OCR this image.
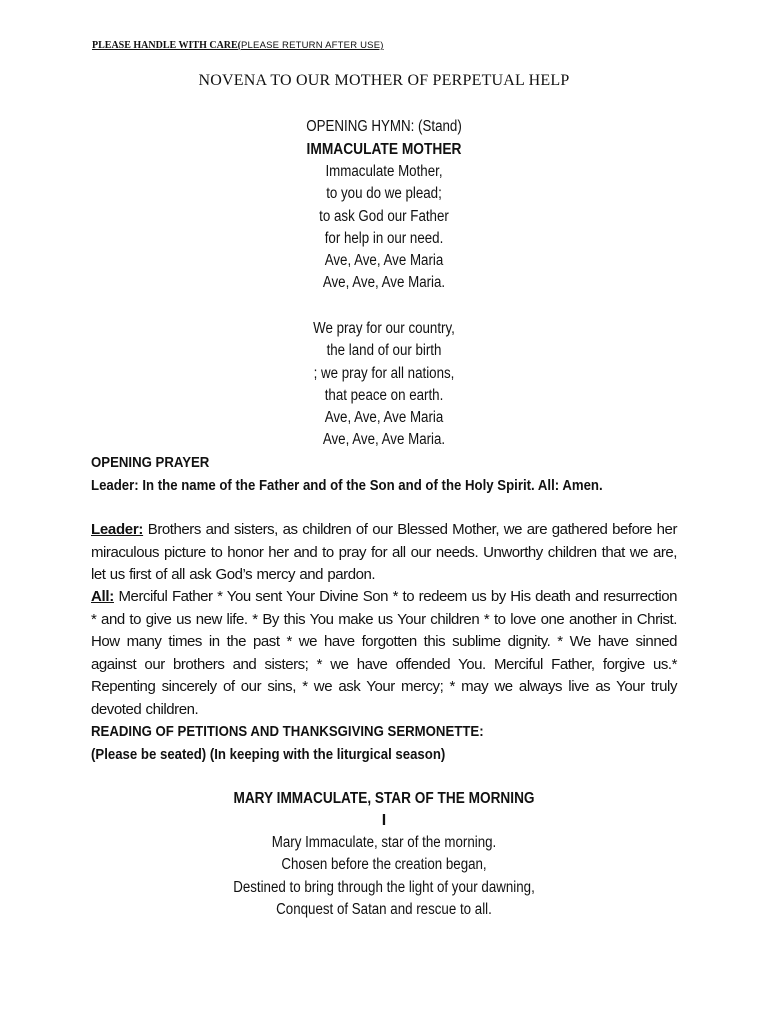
PLEASE HANDLE WITH CARE(PLEASE RETURN AFTER USE)
NOVENA TO OUR MOTHER OF PERPETUAL HELP
OPENING HYMN: (Stand)
IMMACULATE MOTHER
Immaculate Mother,
to you do we plead;
to ask God our Father
for help in our need.
Ave, Ave, Ave Maria
Ave, Ave, Ave Maria.
We pray for our country,
the land of our birth
; we pray for all nations,
that peace on earth.
Ave, Ave, Ave Maria
Ave, Ave, Ave Maria.
OPENING PRAYER
Leader: In the name of the Father and of the Son and of the Holy Spirit. All: Amen.
Leader: Brothers and sisters, as children of our Blessed Mother, we are gathered before her miraculous picture to honor her and to pray for all our needs. Unworthy children that we are, let us first of all ask God’s mercy and pardon.
All: Merciful Father * You sent Your Divine Son * to redeem us by His death and resurrection * and to give us new life. * By this You make us Your children * to love one another in Christ. How many times in the past * we have forgotten this sublime dignity. * We have sinned against our brothers and sisters; * we have offended You. Merciful Father, forgive us.* Repenting sincerely of our sins, * we ask Your mercy; * may we always live as Your truly devoted children.
READING OF PETITIONS AND THANKSGIVING SERMONETTE:
(Please be seated) (In keeping with the liturgical season)
MARY IMMACULATE, STAR OF THE MORNING
I
Mary Immaculate, star of the morning.
Chosen before the creation began,
Destined to bring through the light of your dawning,
Conquest of Satan and rescue to all.
